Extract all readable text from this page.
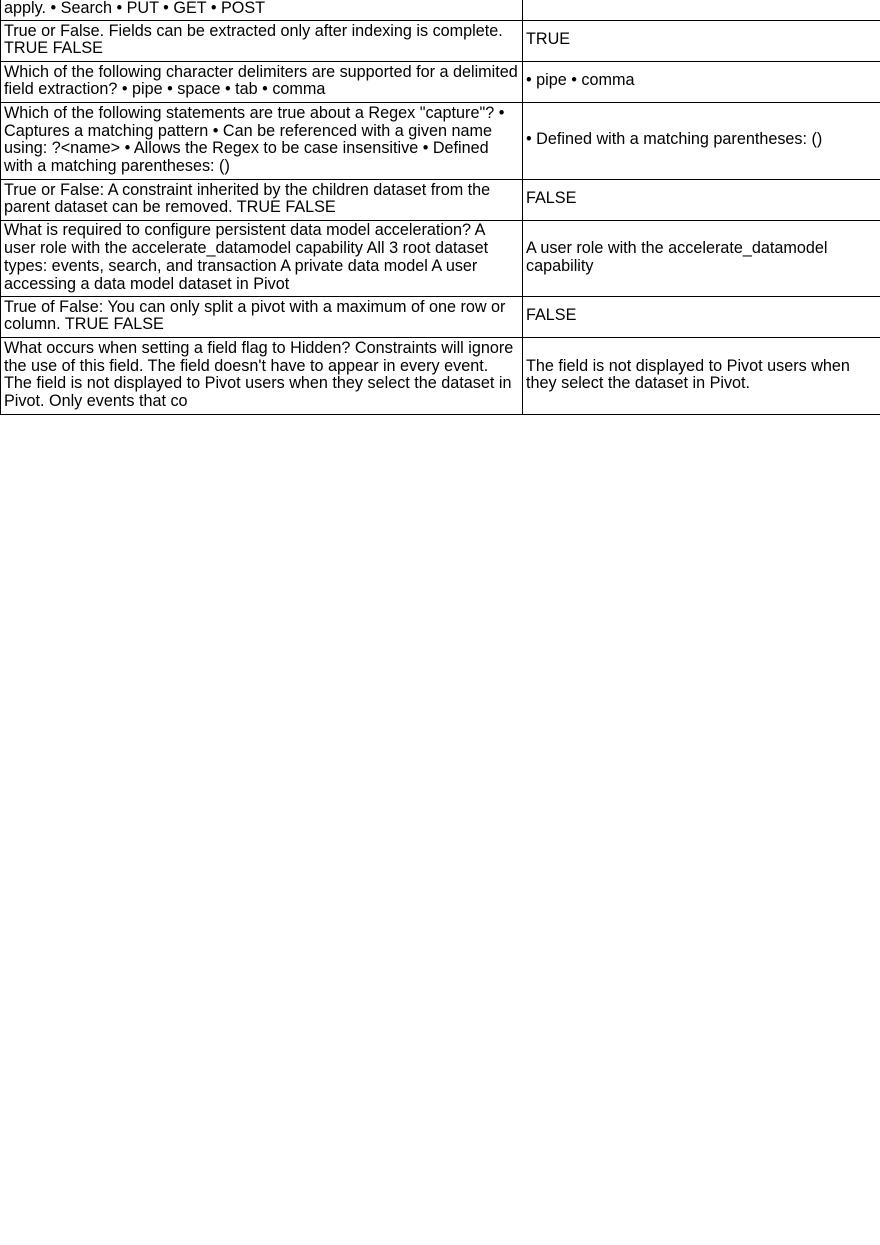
apply. • Search • PUT • GET • POST	
True or False. Fields can be extracted only after indexing is complete. TRUE FALSE	TRUE
Which of the following character delimiters are supported for a delimited field extraction? • pipe • space • tab • comma	• pipe • comma
Which of the following statements are true about a Regex "capture"? • Captures a matching pattern • Can be referenced with a given name using: ?<name> • Allows the Regex to be case insensitive • Defined with a matching parentheses: ()	• Defined with a matching parentheses: ()
True or False: A constraint inherited by the children dataset from the parent dataset can be removed. TRUE FALSE	FALSE
What is required to configure persistent data model acceleration? A user role with the accelerate_datamodel capability All 3 root dataset types: events, search, and transaction A private data model A user accessing a data model dataset in Pivot	A user role with the accelerate_datamodel capability
True of False: You can only split a pivot with a maximum of one row or column. TRUE FALSE	FALSE
What occurs when setting a field flag to Hidden? Constraints will ignore the use of this field. The field doesn't have to appear in every event. The field is not displayed to Pivot users when they select the dataset in Pivot. Only events that co	The field is not displayed to Pivot users when they select the dataset in Pivot.
